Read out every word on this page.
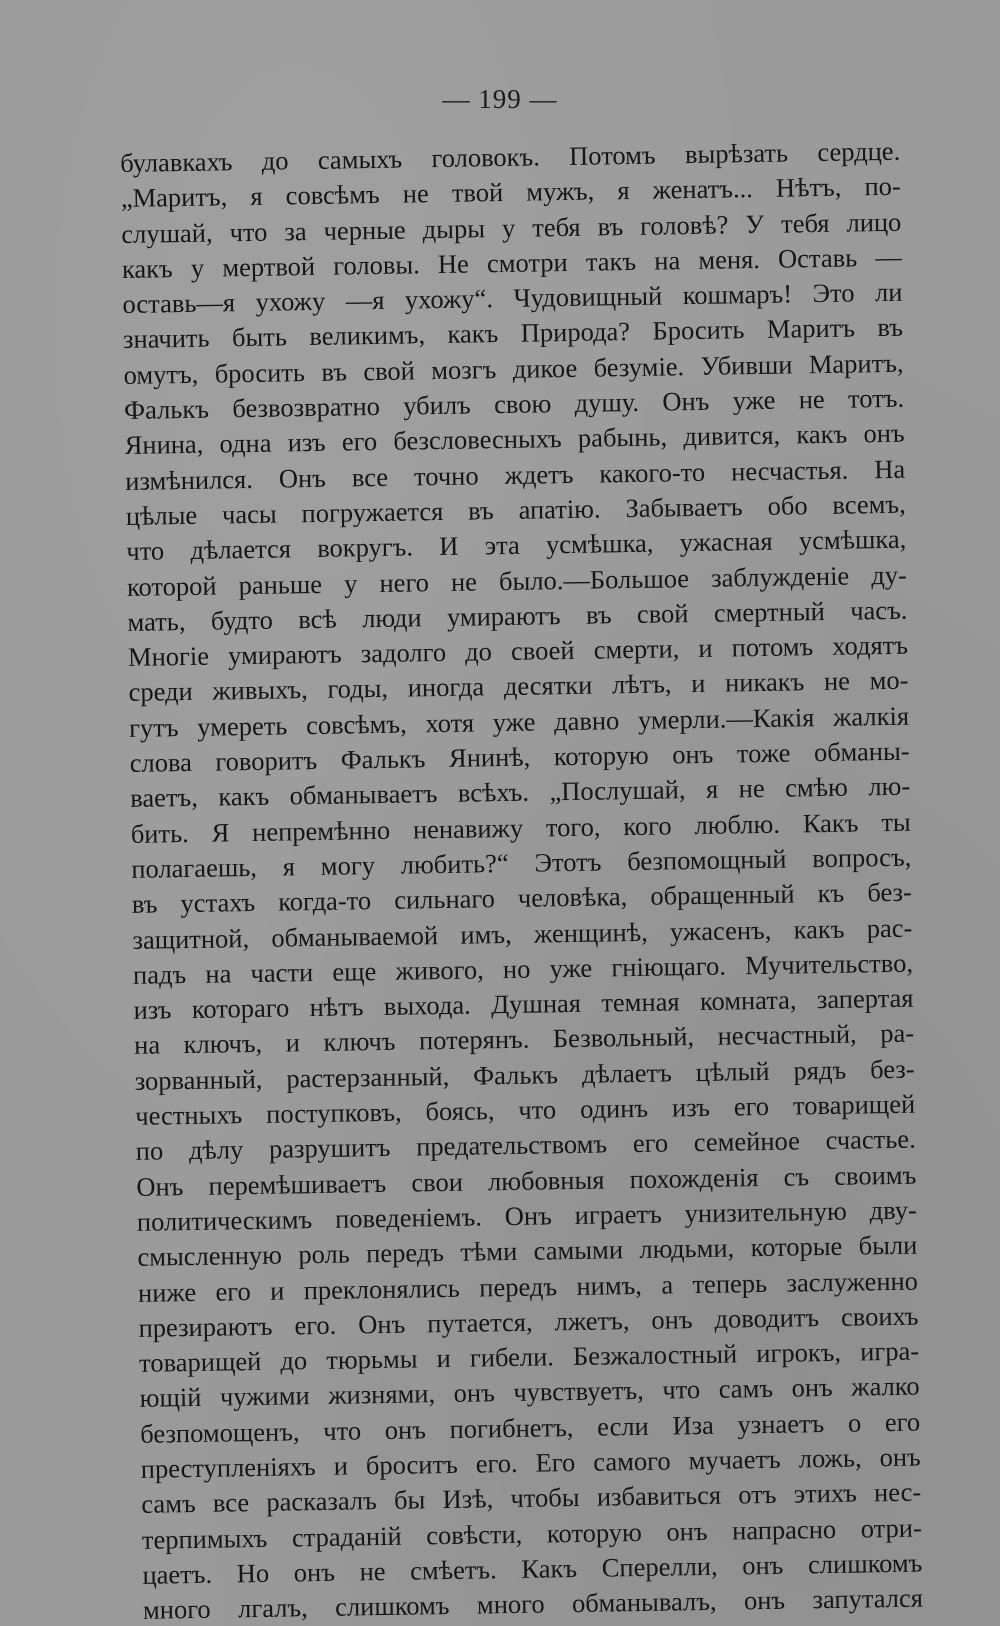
— 199 —
булавкахъ до самыхъ головокъ. Потомъ вырѣзать сердце.
„Маритъ, я совсѣмъ не твой мужъ, я женатъ... Нѣтъ, по-
слушай, что за черные дыры у тебя въ головѣ? У тебя лицо
какъ у мертвой головы. Не смотри такъ на меня. Оставь —
оставь—я ухожу —я ухожу“. Чудовищный кошмаръ! Это ли
значить быть великимъ, какъ Природа? Бросить Маритъ въ
омутъ, бросить въ свой мозгъ дикое безуміе. Убивши Маритъ,
Фалькъ безвозвратно убилъ свою душу. Онъ уже не тотъ.
Янина, одна изъ его безсловесныхъ рабынь, дивится, какъ онъ
измѣнился. Онъ все точно ждетъ какого-то несчастья. На
цѣлые часы погружается въ апатію. Забываетъ обо всемъ,
что дѣлается вокругъ. И эта усмѣшка, ужасная усмѣшка,
которой раньше у него не было.—Большое заблужденіе ду-
мать, будто всѣ люди умираютъ въ свой смертный часъ.
Многіе умираютъ задолго до своей смерти, и потомъ ходятъ
среди живыхъ, годы, иногда десятки лѣтъ, и никакъ не мо-
гутъ умереть совсѣмъ, хотя уже давно умерли.—Какія жалкія
слова говоритъ Фалькъ Янинѣ, которую онъ тоже обманы-
ваетъ, какъ обманываетъ всѣхъ. „Послушай, я не смѣю лю-
бить. Я непремѣнно ненавижу того, кого люблю. Какъ ты
полагаешь, я могу любить?“ Этотъ безпомощный вопросъ,
въ устахъ когда-то сильнаго человѣка, обращенный къ без-
защитной, обманываемой имъ, женщинѣ, ужасенъ, какъ рас-
падъ на части еще живого, но уже гніющаго. Мучительство,
изъ котораго нѣтъ выхода. Душная темная комната, запертая
на ключъ, и ключъ потерянъ. Безвольный, несчастный, ра-
зорванный, растерзанный, Фалькъ дѣлаетъ цѣлый рядъ без-
честныхъ поступковъ, боясь, что одинъ изъ его товарищей
по дѣлу разрушитъ предательствомъ его семейное счастье.
Онъ перемѣшиваетъ свои любовныя похожденія съ своимъ
политическимъ поведеніемъ. Онъ играетъ унизительную дву-
смысленную роль передъ тѣми самыми людьми, которые были
ниже его и преклонялись передъ нимъ, а теперь заслуженно
презираютъ его. Онъ путается, лжетъ, онъ доводитъ своихъ
товарищей до тюрьмы и гибели. Безжалостный игрокъ, игра-
ющій чужими жизнями, онъ чувствуетъ, что самъ онъ жалко
безпомощенъ, что онъ погибнетъ, если Иза узнаетъ о его
преступленіяхъ и броситъ его. Его самого мучаетъ ложь, онъ
самъ все расказалъ бы Изѣ, чтобы избавиться отъ этихъ нес-
терпимыхъ страданій совѣсти, которую онъ напрасно отри-
цаетъ. Но онъ не смѣетъ. Какъ Сперелли, онъ слишкомъ
много лгалъ, слишкомъ много обманывалъ, онъ запутался
